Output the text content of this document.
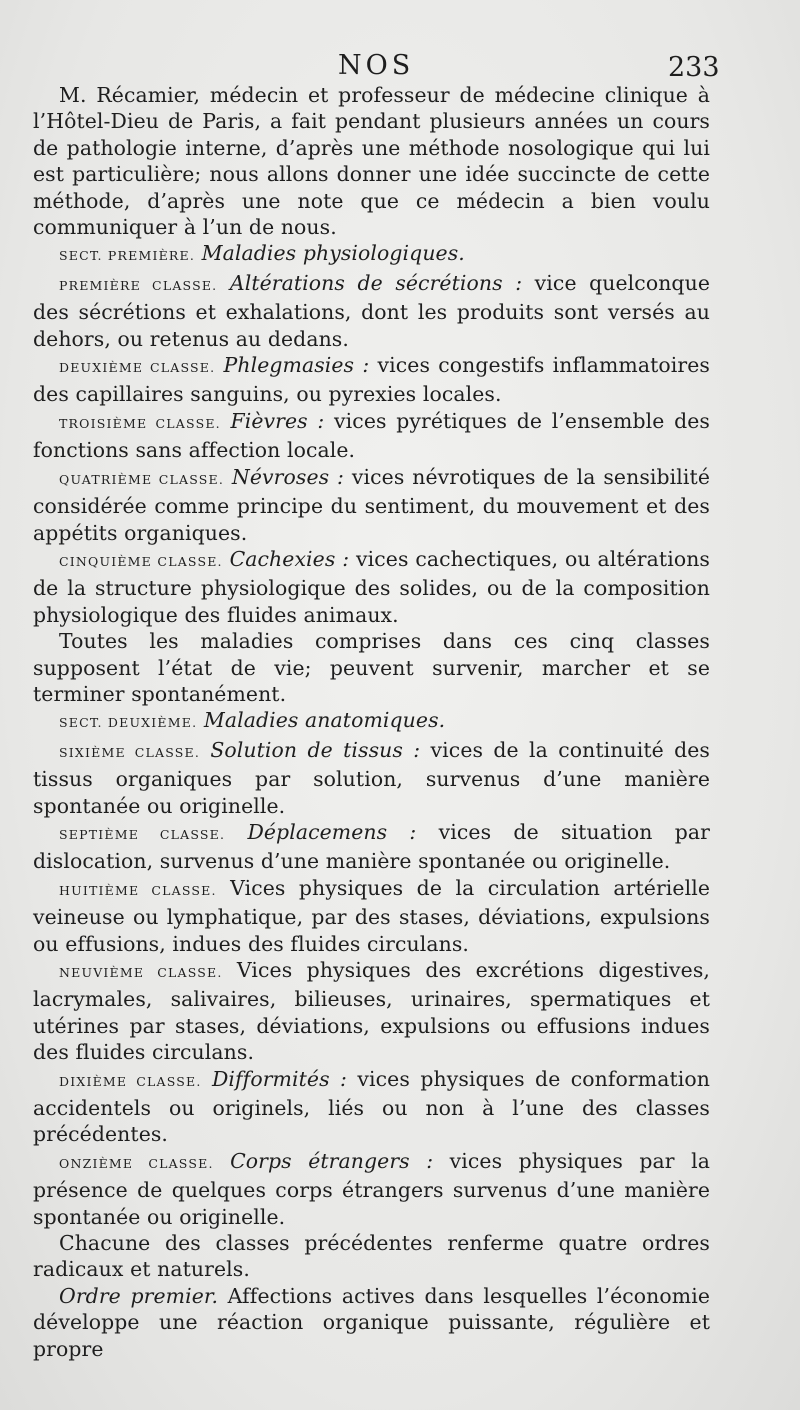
NOS	233

M. Récamier, médecin et professeur de médecine clinique à l’Hôtel-Dieu de Paris, a fait pendant plusieurs années un cours de pathologie interne, d’après une méthode nosologique qui lui est particulière; nous allons donner une idée succincte de cette méthode, d’après une note que ce médecin a bien voulu communiquer à l’un de nous.

SECT. PREMIÈRE. Maladies physiologiques.

PREMIÈRE CLASSE. Altérations de sécrétions : vice quelconque des sécrétions et exhalations, dont les produits sont versés au dehors, ou retenus au dedans.

DEUXIÈME CLASSE. Phlegmasies : vices congestifs inflammatoires des capillaires sanguins, ou pyrexies locales.

TROISIÈME CLASSE. Fièvres : vices pyrétiques de l’ensemble des fonctions sans affection locale.

QUATRIÈME CLASSE. Névroses : vices névrotiques de la sensibilité considérée comme principe du sentiment, du mouvement et des appétits organiques.

CINQUIÈME CLASSE. Cachexies : vices cachectiques, ou altérations de la structure physiologique des solides, ou de la composition physiologique des fluides animaux.

Toutes les maladies comprises dans ces cinq classes supposent l’état de vie; peuvent survenir, marcher et se terminer spontanément.

SECT. DEUXIÈME. Maladies anatomiques.

SIXIÈME CLASSE. Solution de tissus : vices de la continuité des tissus organiques par solution, survenus d’une manière spontanée ou originelle.

SEPTIÈME CLASSE. Déplacemens : vices de situation par dislocation, survenus d’une manière spontanée ou originelle.

HUITIÈME CLASSE. Vices physiques de la circulation artérielle veineuse ou lymphatique, par des stases, déviations, expulsions ou effusions, indues des fluides circulans.

NEUVIÈME CLASSE. Vices physiques des excrétions digestives, lacrymales, salivaires, bilieuses, urinaires, spermatiques et utérines par stases, déviations, expulsions ou effusions indues des fluides circulans.

DIXIÈME CLASSE. Difformités : vices physiques de conformation accidentels ou originels, liés ou non à l’une des classes précédentes.

ONZIÈME CLASSE. Corps étrangers : vices physiques par la présence de quelques corps étrangers survenus d’une manière spontanée ou originelle.

Chacune des classes précédentes renferme quatre ordres radicaux et naturels.

Ordre premier. Affections actives dans lesquelles l’économie développe une réaction organique puissante, régulière et propre
